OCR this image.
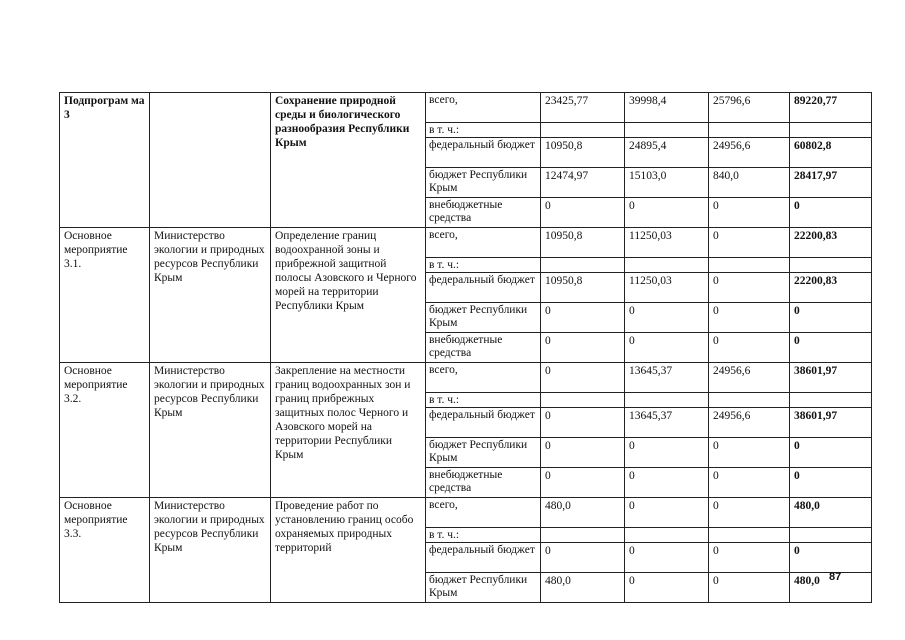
Подпрограм ма 3		Сохранение природной среды и биологического разнообразия Республики Крым	всего,	23425,77	39998,4	25796,6	89220,77
			в т. ч.:				
			федеральный бюджет	10950,8	24895,4	24956,6	60802,8
			бюджет Республики Крым	12474,97	15103,0	840,0	28417,97
			внебюджетные средства	0	0	0	0
Основное мероприятие 3.1.	Министерство экологии и природных ресурсов Республики Крым	Определение границ водоохранной зоны и прибрежной защитной полосы Азовского и Черного морей на территории Республики Крым	всего,	10950,8	11250,03	0	22200,83
			в т. ч.:				
			федеральный бюджет	10950,8	11250,03	0	22200,83
			бюджет Республики Крым	0	0	0	0
			внебюджетные средства	0	0	0	0
Основное мероприятие 3.2.	Министерство экологии и природных ресурсов Республики Крым	Закрепление на местности границ водоохранных зон и границ прибрежных защитных полос Черного и Азовского морей на территории Республики Крым	всего,	0	13645,37	24956,6	38601,97
			в т. ч.:				
			федеральный бюджет	0	13645,37	24956,6	38601,97
			бюджет Республики Крым	0	0	0	0
			внебюджетные средства	0	0	0	0
Основное мероприятие 3.3.	Министерство экологии и природных ресурсов Республики Крым	Проведение работ по установлению границ особо охраняемых природных территорий	всего,	480,0	0	0	480,0
			в т. ч.:				
			федеральный бюджет	0	0	0	0
			бюджет Республики Крым	480,0	0	0	480,0 87
